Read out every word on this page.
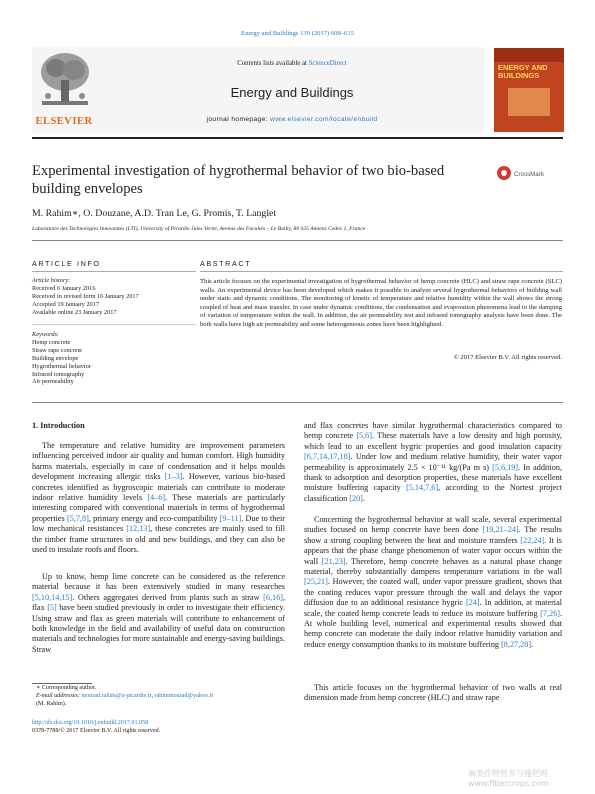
Energy and Buildings 139 (2017) 608–615
ELSEVIER
Contents lists available at ScienceDirect
Energy and Buildings
journal homepage: www.elsevier.com/locate/enbuild
ENERGY AND BUILDINGS
Experimental investigation of hygrothermal behavior of two bio-based building envelopes
CrossMark
M. Rahim∗, O. Douzane, A.D. Tran Le, G. Promis, T. Langlet
Laboratoire des Technologies Innovantes (LTI), University of Picardie Jules Verne, Avenue des Facultés – Le Bailly, 80 025 Amiens Cedex 1, France
ARTICLE INFO
Article history:
Received 6 January 2016
Received in revised form 16 January 2017
Accepted 19 January 2017
Available online 23 January 2017
Keywords:
Hemp concrete
Straw rape concrete
Building envelope
Hygrothermal behavior
Infrared tomography
Air permeability
ABSTRACT
This article focuses on the experimental investigation of hygrothermal behavior of hemp concrete (HLC) and straw rape concrete (SLC) walls. An experimental device has been developed which makes it possible to analyze several hygrothermal behaviors of building wall under static and dynamic conditions. The monitoring of kinetic of temperature and relative humidity within the wall shows the strong coupled of heat and mass transfer. In case under dynamic conditions, the condensation and evaporation phenomena lead to the damping of variation of temperature within the wall. In addition, the air permeability test and infrared tomography analysis have been done. The both walls have high air permeability and some heterogeneous zones have been highlighted.
© 2017 Elsevier B.V. All rights reserved.
1. Introduction
The temperature and relative humidity are improvement parameters influencing perceived indoor air quality and human comfort. High humidity harms materials, especially in case of condensation and it helps moulds development increasing allergic risks [1–3]. However, various bio-based concretes identified as hygroscopic materials can contribute to moderate indoor relative humidity levels [4–6]. These materials are particularly interesting compared with conventional materials in terms of hygrothermal properties [5,7,8], primary energy and eco-compatibility [9–11]. Due to their low mechanical resistances [12,13], these concretes are mainly used to fill the timber frame structures in old and new buildings, and they can also be used to insulate roofs and floors.
Up to know, hemp lime concrete can be considered as the reference material because it has been extensively studied in many researches [5,10,14,15]. Others aggregates derived from plants such as straw [6,16], flax [5] have been studied previously in order to investigate their efficiency. Using straw and flax as green materials will contribute to enhancement of both knowledge in the field and availability of useful data on construction materials and technologies for more sustainable and energy-saving buildings. Straw
and flax concretes have similar hygrothermal characteristics compared to hemp concrete [5,6]. These materials have a low density and high porosity, which lead to an excellent hygric properties and good insulation capacity [6,7,14,17,18]. Under low and medium relative humidity, their water vapor permeability is approximately 2.5 × 10⁻¹¹ kg/(Pa m s) [5,6,19]. In addition, thank to adsorption and desorption properties, these materials have excellent moisture buffering capacity [5,14,7,6], according to the Nortest project classification [20].
Concerning the hygrothermal behavior at wall scale, several experimental studies focused on hemp concrete have been done [19,21–24]. The results show a strong coupling between the heat and moisture transfers [22,24]. It is appears that the phase change phenomenon of water vapor occurs within the wall [21,23]. Therefore, hemp concrete behaves as a natural phase change material, thereby substantially dampens temperature variations in the wall [25,21]. However, the coated wall, under vapor pressure gradient, shows that the coating reduces vapor pressure through the wall and delays the vapor diffusion due to an additional resistance hygric [24]. In addition, at material scale, the coated hemp concrete leads to reduce its moisture buffering [7,26]. At whole building level, numerical and experimental results showed that hemp concrete can moderate the daily indoor relative humidity variation and reduce energy consumption thanks to its moisture buffering [8,27,28].
This article focuses on the hygrothermal behavior of two walls at real dimension made from hemp concrete (HLC) and straw rape
∗ Corresponding author.
E-mail addresses: mourad.rahim@u-picardie.fr, rahimmourad@yahoo.fr
(M. Rahim).
http://dx.doi.org/10.1016/j.enbuild.2017.01.058
0378-7788/© 2017 Elsevier B.V. All rights reserved.
麻类作物营养与施肥网 www.fibercrops.com
